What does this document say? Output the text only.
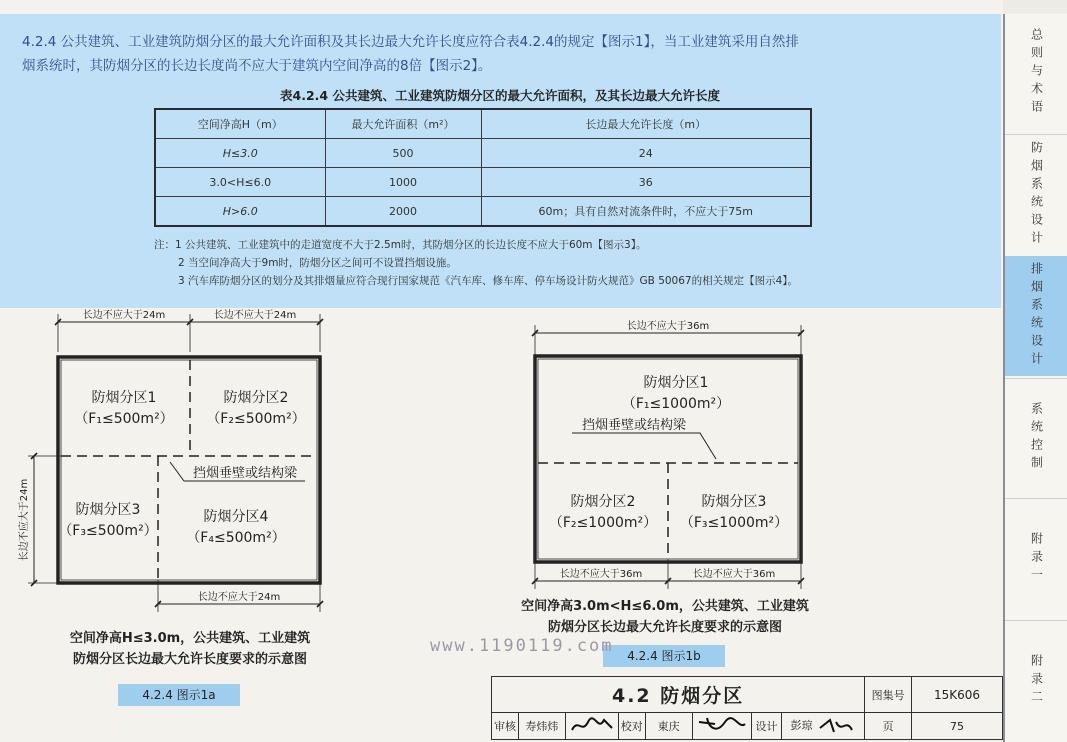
4.2.4 公共建筑、工业建筑防烟分区的最大允许面积及其长边最大允许长度应符合表4.2.4的规定【图示1】，当工业建筑采用自然排
烟系统时，其防烟分区的长边长度尚不应大于建筑内空间净高的8倍【图示2】。
表4.2.4 公共建筑、工业建筑防烟分区的最大允许面积，及其长边最大允许长度
空间净高H（m）	最大允许面积（m²）	长边最大允许长度（m）
H≤3.0	500	24
3.0<H≤6.0	1000	36
H>6.0	2000	60m；具有自然对流条件时，不应大于75m
注：1 公共建筑、工业建筑中的走道宽度不大于2.5m时，其防烟分区的长边长度不应大于60m【图示3】。
2 当空间净高大于9m时，防烟分区之间可不设置挡烟设施。
3 汽车库防烟分区的划分及其排烟量应符合现行国家规范《汽车库、修车库、停车场设计防火规范》GB 50067的相关规定【图示4】。
长边不应大于24m	长边不应大于24m
长边不应大于24m
长边不应大于24m
防烟分区1
（F₁≤500m²）
防烟分区2
（F₂≤500m²）
防烟分区3
（F₃≤500m²）
防烟分区4
（F₄≤500m²）
挡烟垂壁或结构梁
长边不应大于36m
长边不应大于36m	长边不应大于36m
防烟分区1
（F₁≤1000m²）
防烟分区2
（F₂≤1000m²）
防烟分区3
（F₃≤1000m²）
挡烟垂壁或结构梁
空间净高H≤3.0m，公共建筑、工业建筑
防烟分区长边最大允许长度要求的示意图
4.2.4 图示1a
空间净高3.0m<H≤6.0m，公共建筑、工业建筑
防烟分区长边最大允许长度要求的示意图
4.2.4 图示1b
www.1190119.com
4.2 防烟分区								图集号	15K606
审核	寿炜炜		校对	東庆		设计	彭琼	页	75
总则与术语
防烟系统设计
排烟系统设计
系统控制
附录一
附录二
